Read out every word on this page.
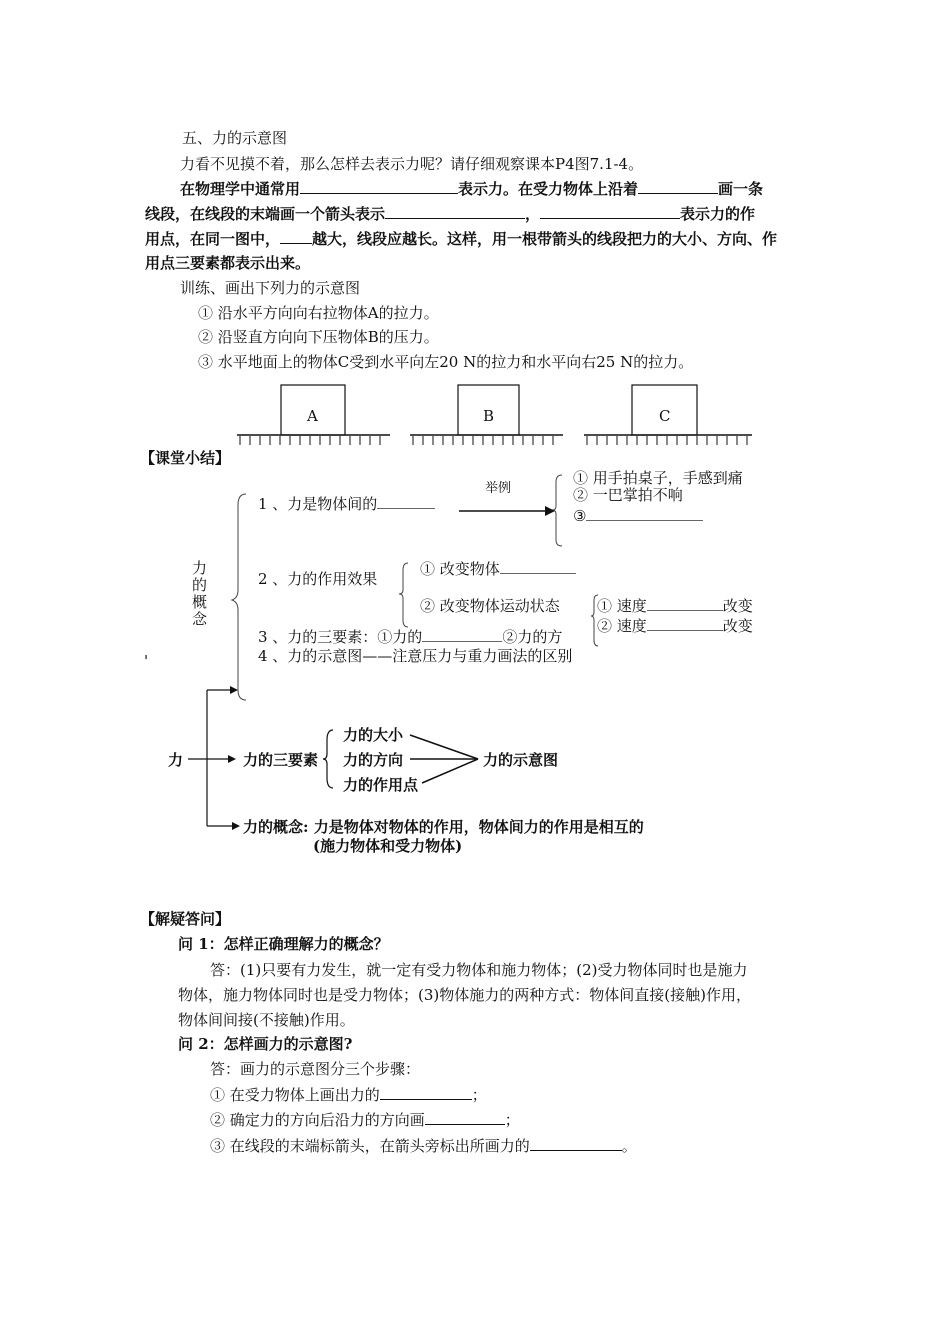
五、力的示意图
力看不见摸不着，那么怎样去表示力呢？请仔细观察课本P4图7.1-4。
在物理学中通常用	表示力。在受力物体上沿着	画一条
线段，在线段的末端画一个箭头表示	，	表示力的作
用点，在同一图中， 越大，线段应越长。这样，用一根带箭头的线段把力的大小、方向、作
用点三要素都表示出来。
训练、画出下列力的示意图
① 沿水平方向向右拉物体A的拉力。
② 沿竖直方向向下压物体B的压力。
③ 水平地面上的物体C受到水平向左20 N的拉力和水平向右25 N的拉力。
A	B	C
【课堂小结】
力的概念
1 、力是物体间的
举例
① 用手拍桌子，手感到痛
② 一巴掌拍不响
③
2 、力的作用效果
① 改变物体
② 改变物体运动状态 ① 速度	改变
② 速度	改变
3 、力的三要素：①力的	②力的方
4 、力的示意图——注意压力与重力画法的区别
'
力	力的三要素
力的大小
力的方向
力的作用点
力的示意图
力的概念: 力是物体对物体的作用，物体间力的作用是相互的
(施力物体和受力物体)
【解疑答问】
问 1：怎样正确理解力的概念？
答：(1)只要有力发生，就一定有受力物体和施力物体；(2)受力物体同时也是施力
物体，施力物体同时也是受力物体；(3)物体施力的两种方式：物体间直接(接触)作用，
物体间间接(不接触)作用。
问 2：怎样画力的示意图?
答：画力的示意图分三个步骤：
① 在受力物体上画出力的	；
② 确定力的方向后沿力的方向画	；
③ 在线段的末端标箭头，在箭头旁标出所画力的	。
